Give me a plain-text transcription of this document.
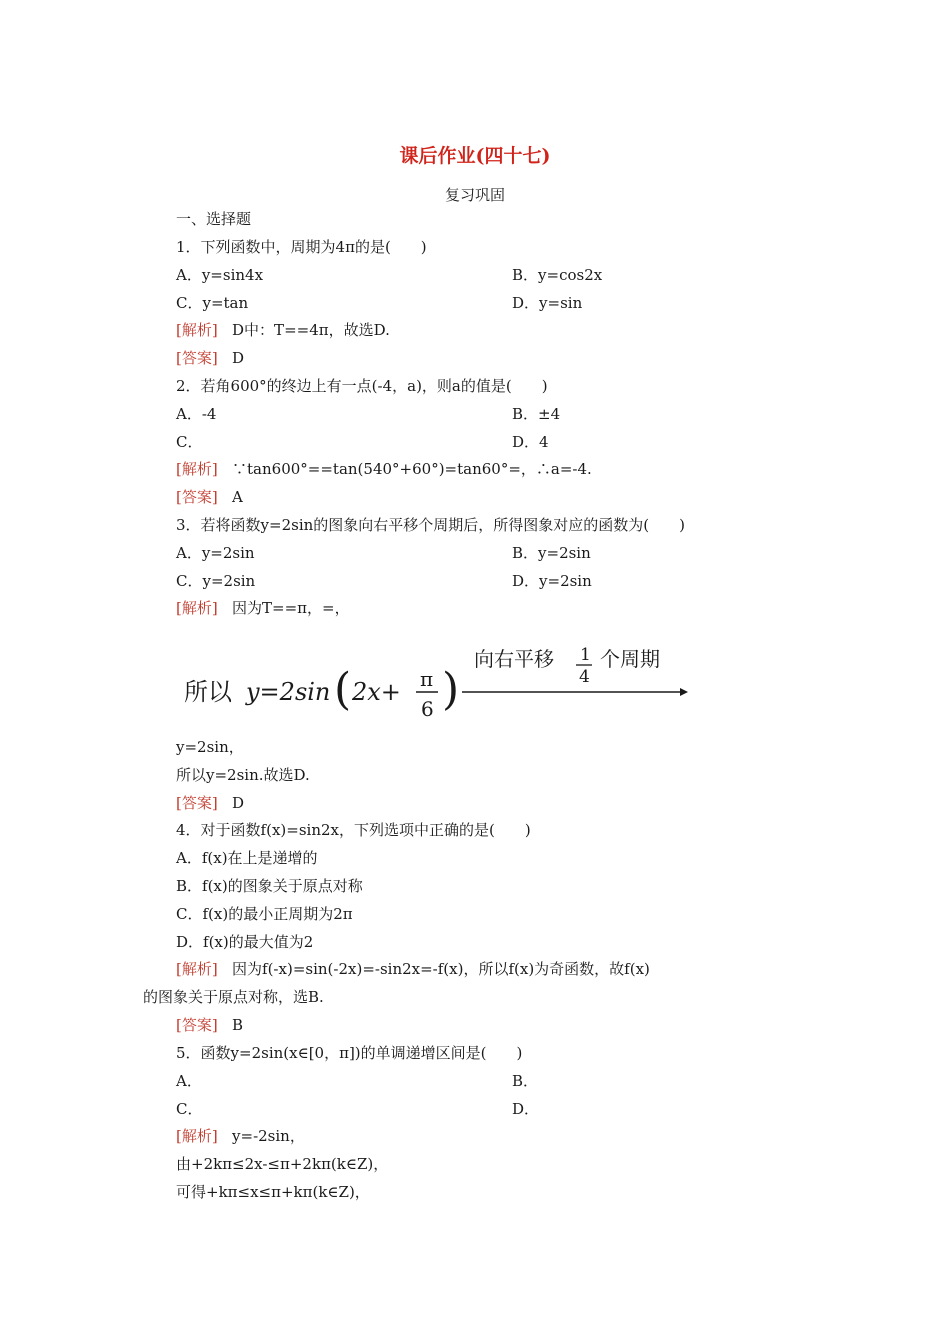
课后作业(四十七)
复习巩固
一、选择题
1．下列函数中，周期为4π的是(　　)
A．y=sin4x	B．y=cos2x
C．y=tan	D．y=sin
[解析] D中：T==4π，故选D.
[答案] D
2．若角600°的终边上有一点(-4，a)，则a的值是(　　)
A．-4	B．±4
C．	D．4
[解析] ∵tan600°==tan(540°+60°)=tan60°=，∴a=-4.
[答案] A
3．若将函数y=2sin的图象向右平移个周期后，所得图象对应的函数为(　　)
A．y=2sin	B．y=2sin
C．y=2sin	D．y=2sin
[解析] 因为T==π，=，
所以 y=2sin ( 2x+ π
6 )
向右平移 1
4
个周期
y=2sin，
所以y=2sin.故选D.
[答案] D
4．对于函数f(x)=sin2x，下列选项中正确的是(　　)
A．f(x)在上是递增的
B．f(x)的图象关于原点对称
C．f(x)的最小正周期为2π
D．f(x)的最大值为2
[解析] 因为f(-x)=sin(-2x)=-sin2x=-f(x)，所以f(x)为奇函数，故f(x)
的图象关于原点对称，选B.
[答案] B
5．函数y=2sin(x∈[0，π])的单调递增区间是(　　)
A．	B．
C．	D．
[解析] y=-2sin，
由+2kπ≤2x-≤π+2kπ(k∈Z)，
可得+kπ≤x≤π+kπ(k∈Z)，
